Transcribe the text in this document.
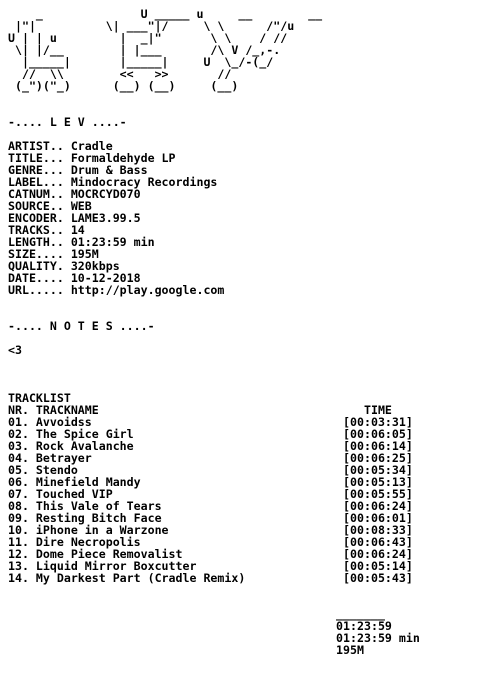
_              U _____ u     __        __
|"|          \| ___"|/     \ \      /"/u
U | | u         |  _|"       \ \    / //
\| |/__        | |___       /\ V /_,-.
|_____|       |_____|     U  \_/-(_/
//  \\        <<   >>       //
(_")("_)      (__) (__)     (__)
-.... L E V ....-
ARTIST.. Cradle
TITLE... Formaldehyde LP
GENRE... Drum & Bass
LABEL... Mindocracy Recordings
CATNUM.. MOCRCYD070
SOURCE.. WEB
ENCODER. LAME3.99.5
TRACKS.. 14
LENGTH.. 01:23:59 min
SIZE.... 195M
QUALITY. 320kbps
DATE.... 10-12-2018
URL..... http://play.google.com
-.... N O T E S ....-
<3
TRACKLIST
NR. TRACKNAME                                      TIME
01. Avvoidss                                    [00:03:31]
02. The Spice Girl                              [00:06:05]
03. Rock Avalanche                              [00:06:14]
04. Betrayer                                    [00:06:25]
05. Stendo                                      [00:05:34]
06. Minefield Mandy                             [00:05:13]
07. Touched VIP                                 [00:05:55]
08. This Vale of Tears                          [00:06:24]
09. Resting Bitch Face                          [00:06:01]
10. iPhone in a Warzone                         [00:08:33]
11. Dire Necropolis                             [00:06:43]
12. Dome Piece Removalist                       [00:06:24]
13. Liquid Mirror Boxcutter                     [00:05:14]
14. My Darkest Part (Cradle Remix)              [00:05:43]
_______
01:23:59
01:23:59 min
195M
